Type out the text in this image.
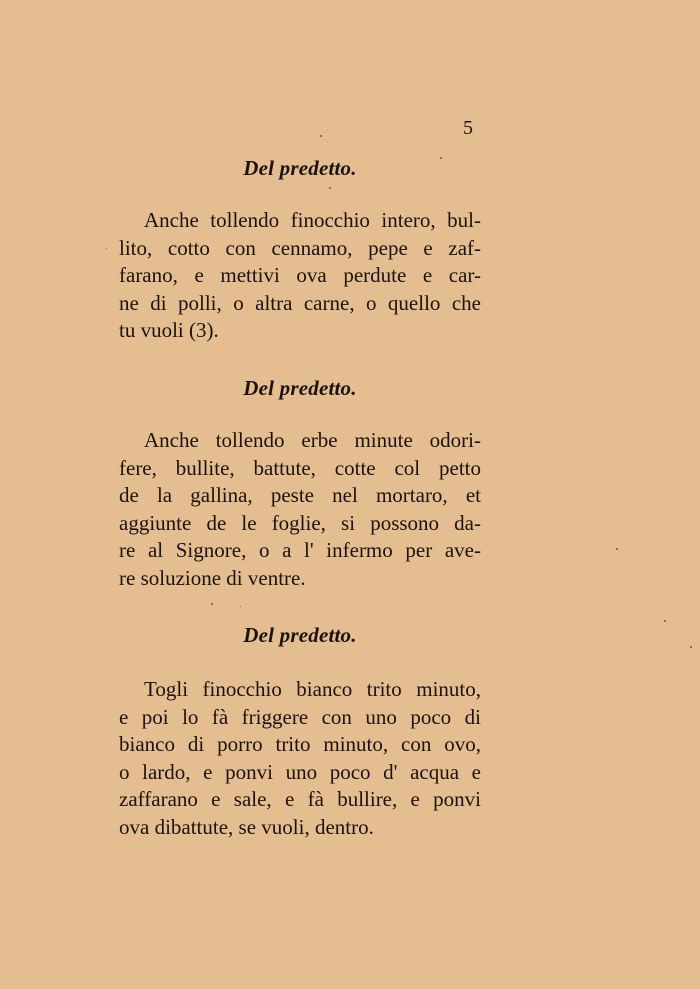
5
Del predetto.
Anche tollendo finocchio intero, bul-
lito, cotto con cennamo, pepe e zaf-
farano, e mettivi ova perdute e car-
ne di polli, o altra carne, o quello che
tu vuoli (3).
Del predetto.
Anche tollendo erbe minute odori-
fere, bullite, battute, cotte col petto
de la gallina, peste nel mortaro, et
aggiunte de le foglie, si possono da-
re al Signore, o a l' infermo per ave-
re soluzione di ventre.
Del predetto.
Togli finocchio bianco trito minuto,
e poi lo fà friggere con uno poco di
bianco di porro trito minuto, con ovo,
o lardo, e ponvi uno poco d' acqua e
zaffarano e sale, e fà bullire, e ponvi
ova dibattute, se vuoli, dentro.
